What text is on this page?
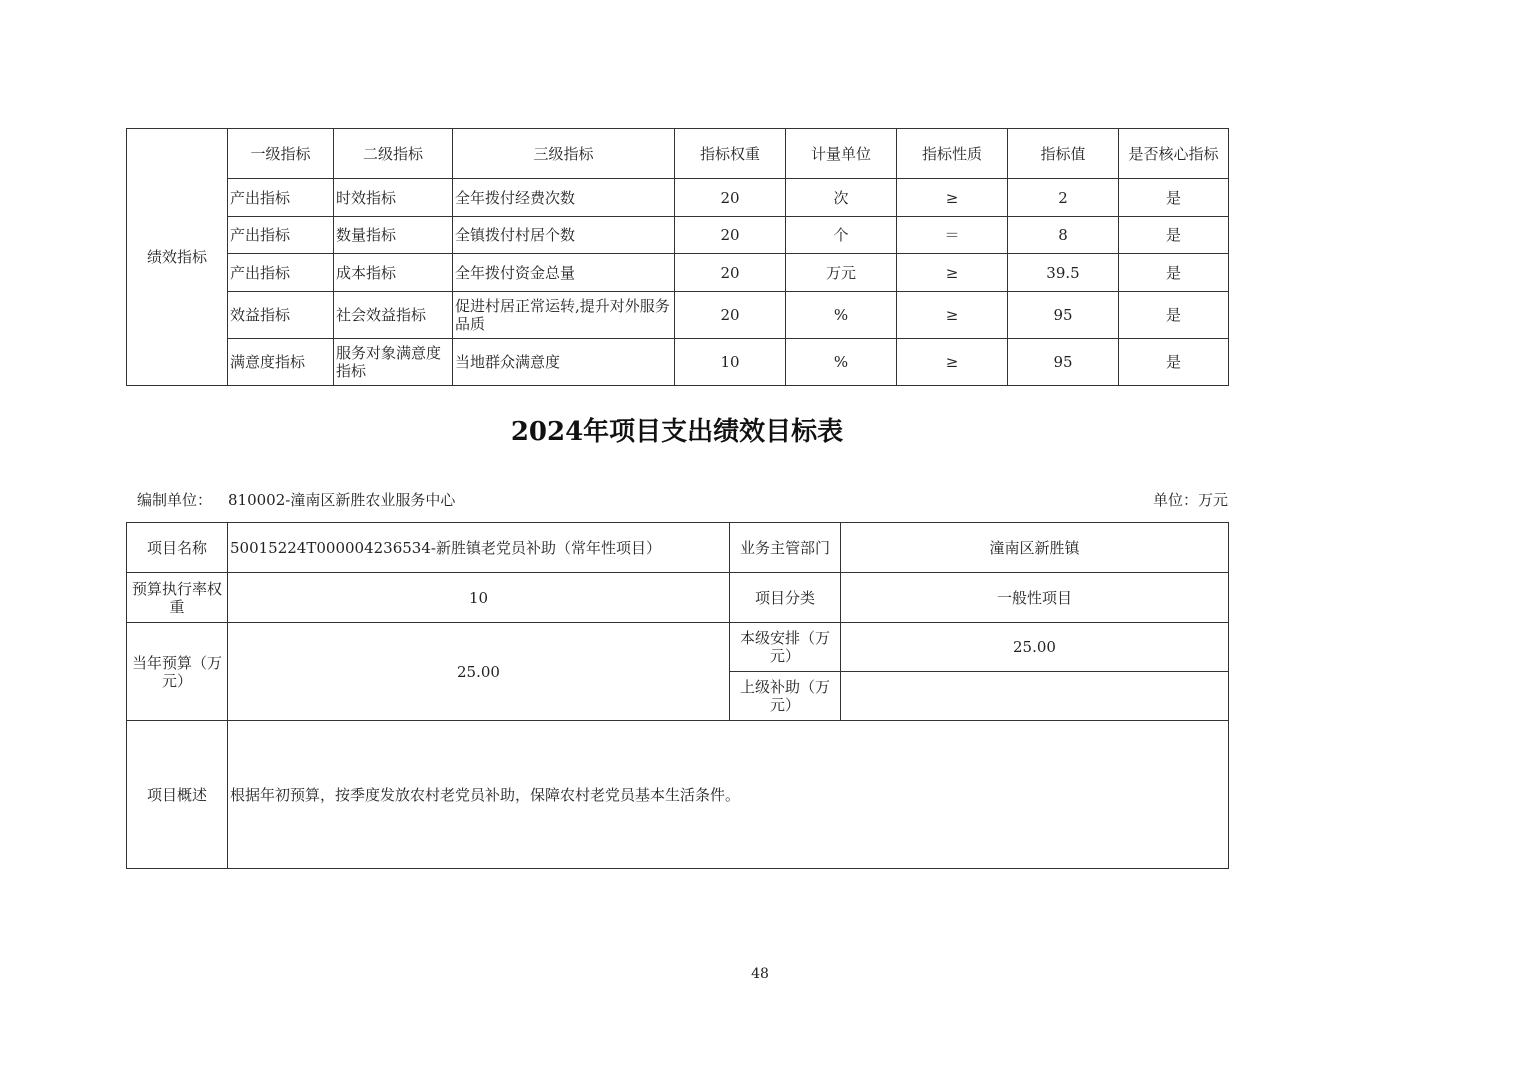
绩效指标	一级指标	二级指标	三级指标	指标权重	计量单位	指标性质	指标值	是否核心指标
	产出指标	时效指标	全年拨付经费次数	20	次	≥	2	是
	产出指标	数量指标	全镇拨付村居个数	20	个	＝	8	是
	产出指标	成本指标	全年拨付资金总量	20	万元	≥	39.5	是
	效益指标	社会效益指标	促进村居正常运转,提升对外服务品质	20	%	≥	95	是
	满意度指标	服务对象满意度指标	当地群众满意度	10	%	≥	95	是
2024年项目支出绩效目标表
编制单位： 810002-潼南区新胜农业服务中心	单位：万元
项目名称	50015224T000004236534-新胜镇老党员补助（常年性项目）	业务主管部门	潼南区新胜镇
预算执行率权重	10	项目分类	一般性项目
当年预算（万元）	25.00	本级安排（万元）	25.00
		上级补助（万元）	
项目概述	根据年初预算，按季度发放农村老党员补助，保障农村老党员基本生活条件。		
48
